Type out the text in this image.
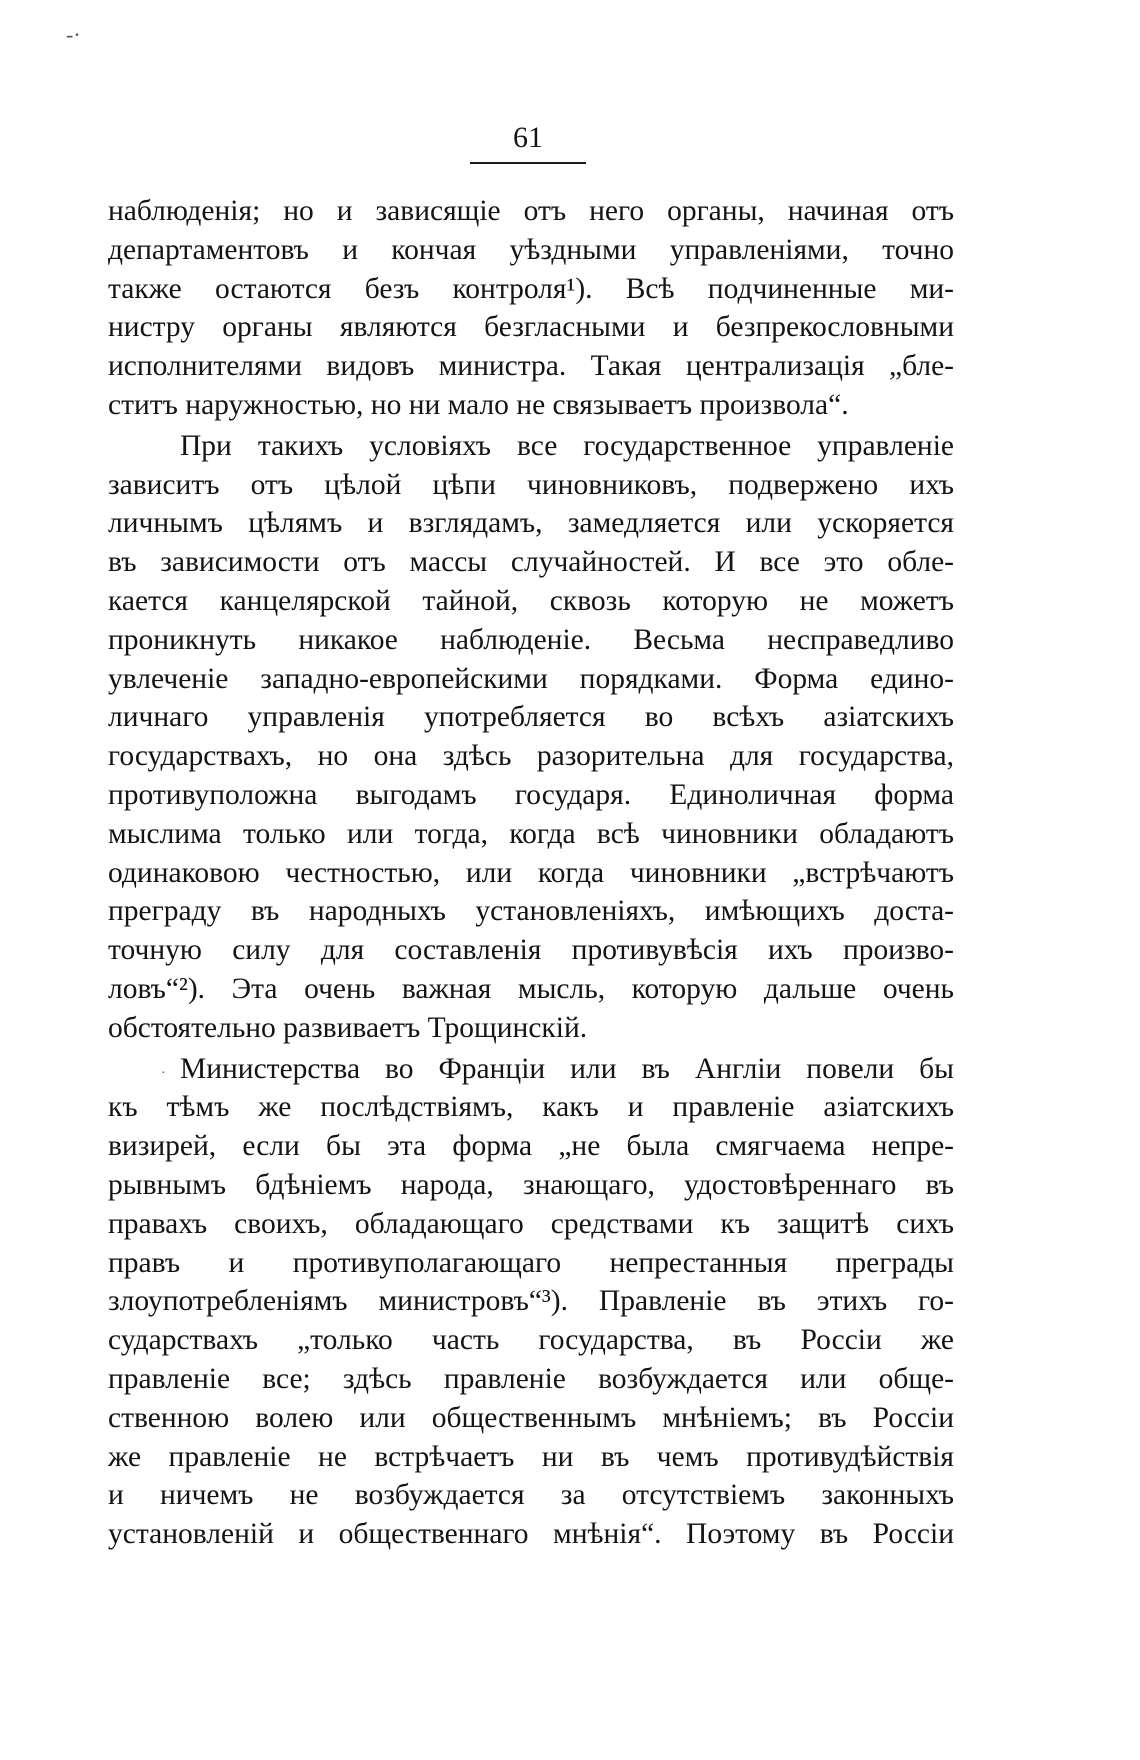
-·
61
·
наблюденія; но и зависящіе отъ него органы, начиная отъ
департаментовъ и кончая уѣздными управленіями, точно
также остаются безъ контроля¹). Всѣ подчиненные ми-
нистру органы являются безгласными и безпрекословными
исполнителями видовъ министра. Такая централизація „бле-
ститъ наружностью, но ни мало не связываетъ произвола“.
При такихъ условіяхъ все государственное управленіе
зависитъ отъ цѣлой цѣпи чиновниковъ, подвержено ихъ
личнымъ цѣлямъ и взглядамъ, замедляется или ускоряется
въ зависимости отъ массы случайностей. И все это обле-
кается канцелярской тайной, сквозь которую не можетъ
проникнуть никакое наблюденіе. Весьма несправедливо
увлеченіе западно-европейскими порядками. Форма едино-
личнаго управленія употребляется во всѣхъ азіатскихъ
государствахъ, но она здѣсь разорительна для государства,
противуположна выгодамъ государя. Единоличная форма
мыслима только или тогда, когда всѣ чиновники обладаютъ
одинаковою честностью, или когда чиновники „встрѣчаютъ
преграду въ народныхъ установленіяхъ, имѣющихъ доста-
точную силу для составленія противувѣсія ихъ произво-
ловъ“²). Эта очень важная мысль, которую дальше очень
обстоятельно развиваетъ Трощинскій.
Министерства во Франціи или въ Англіи повели бы
къ тѣмъ же послѣдствіямъ, какъ и правленіе азіатскихъ
визирей, если бы эта форма „не была смягчаема непре-
рывнымъ бдѣніемъ народа, знающаго, удостовѣреннаго въ
правахъ своихъ, обладающаго средствами къ защитѣ сихъ
правъ и противуполагающаго непрестанныя преграды
злоупотребленіямъ министровъ“³). Правленіе въ этихъ го-
сударствахъ „только часть государства, въ Россіи же
правленіе все; здѣсь правленіе возбуждается или обще-
ственною волею или общественнымъ мнѣніемъ; въ Россіи
же правленіе не встрѣчаетъ ни въ чемъ противудѣйствія
и ничемъ не возбуждается за отсутствіемъ законныхъ
установленій и общественнаго мнѣнія“. Поэтому въ Россіи
